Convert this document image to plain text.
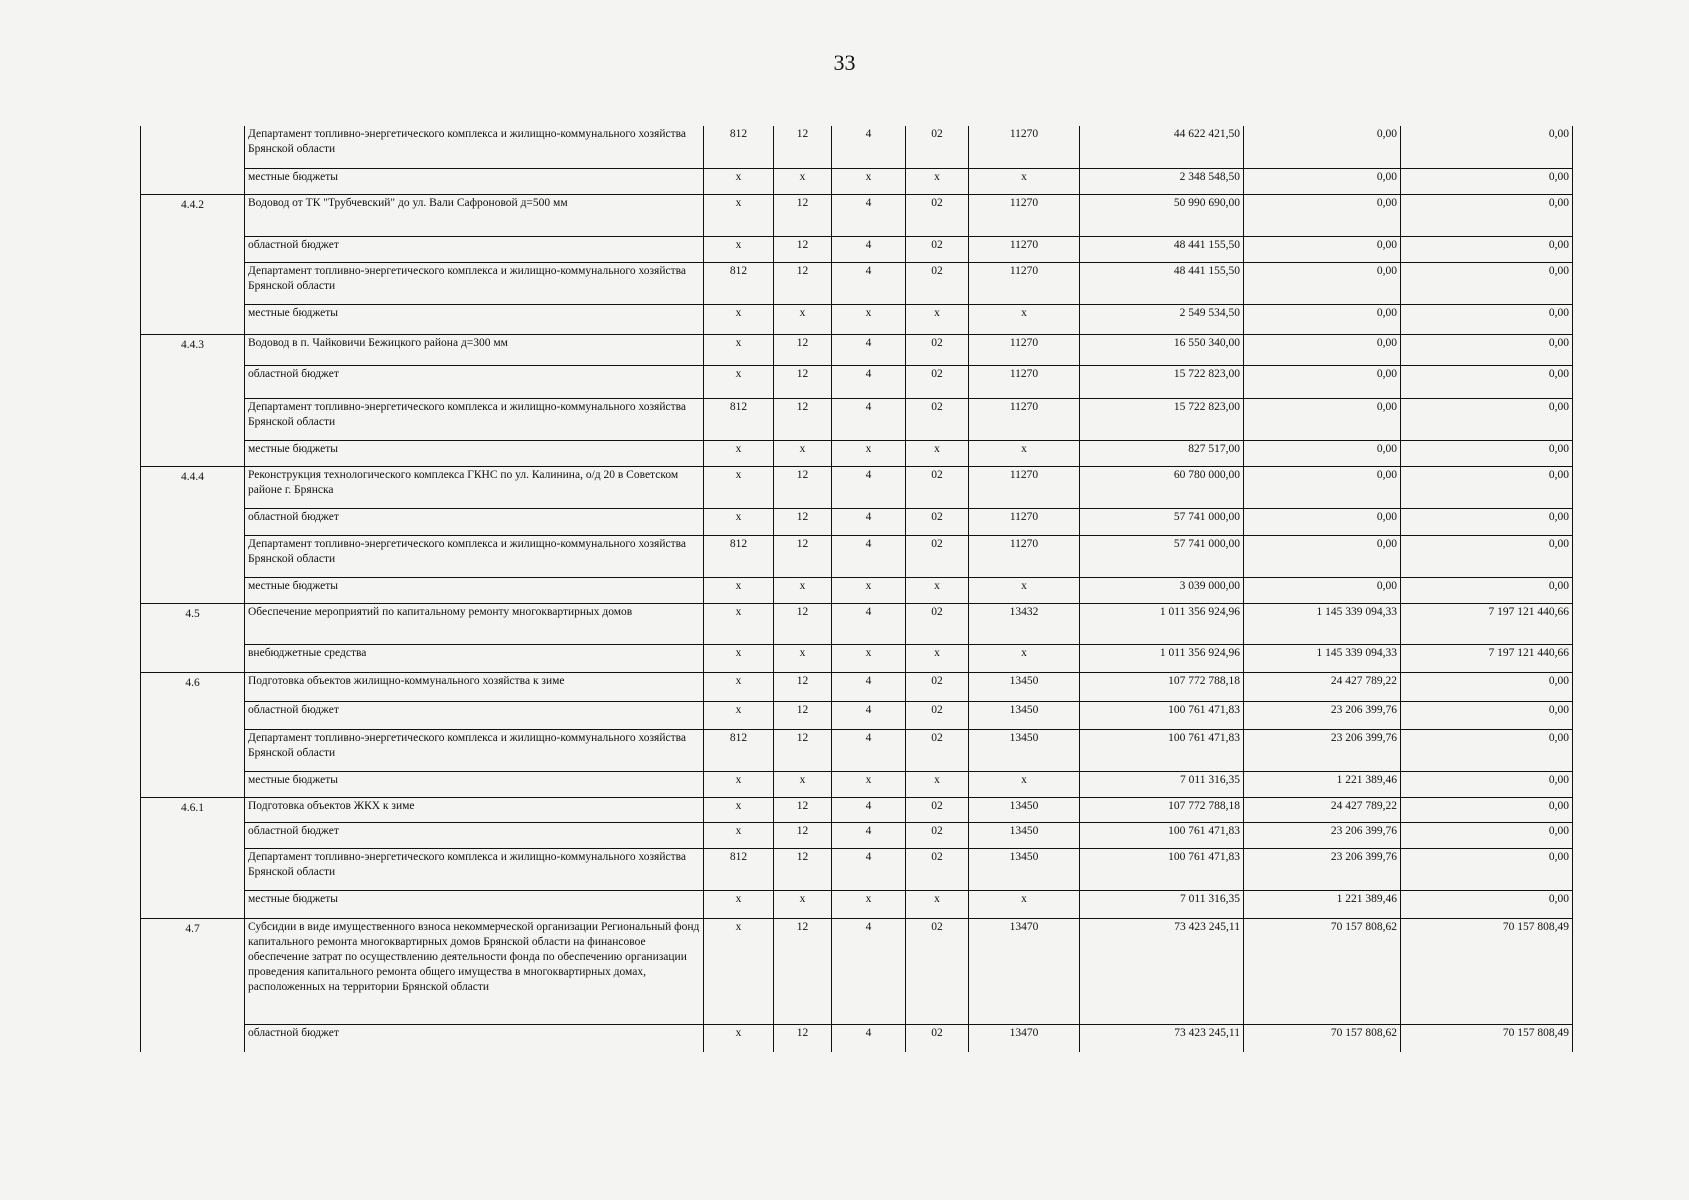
33
	Департамент топливно-энергетического комплекса и жилищно-коммунального хозяйства Брянской области	812	12	4	02	11270	44 622 421,50	0,00	0,00
	местные бюджеты	x	x	x	x	x	2 348 548,50	0,00	0,00
4.4.2	Водовод от ТК "Трубчевский" до ул. Вали Сафроновой д=500 мм	x	12	4	02	11270	50 990 690,00	0,00	0,00
	областной бюджет	x	12	4	02	11270	48 441 155,50	0,00	0,00
	Департамент топливно-энергетического комплекса и жилищно-коммунального хозяйства Брянской области	812	12	4	02	11270	48 441 155,50	0,00	0,00
	местные бюджеты	x	x	x	x	x	2 549 534,50	0,00	0,00
4.4.3	Водовод в п. Чайковичи Бежицкого района д=300 мм	x	12	4	02	11270	16 550 340,00	0,00	0,00
	областной бюджет	x	12	4	02	11270	15 722 823,00	0,00	0,00
	Департамент топливно-энергетического комплекса и жилищно-коммунального хозяйства Брянской области	812	12	4	02	11270	15 722 823,00	0,00	0,00
	местные бюджеты	x	x	x	x	x	827 517,00	0,00	0,00
4.4.4	Реконструкция технологического комплекса ГКНС по ул. Калинина, о/д 20 в Советском районе г. Брянска	x	12	4	02	11270	60 780 000,00	0,00	0,00
	областной бюджет	x	12	4	02	11270	57 741 000,00	0,00	0,00
	Департамент топливно-энергетического комплекса и жилищно-коммунального хозяйства Брянской области	812	12	4	02	11270	57 741 000,00	0,00	0,00
	местные бюджеты	x	x	x	x	x	3 039 000,00	0,00	0,00
4.5	Обеспечение мероприятий по капитальному ремонту многоквартирных домов	x	12	4	02	13432	1 011 356 924,96	1 145 339 094,33	7 197 121 440,66
	внебюджетные средства	x	x	x	x	x	1 011 356 924,96	1 145 339 094,33	7 197 121 440,66
4.6	Подготовка объектов жилищно-коммунального хозяйства к зиме	x	12	4	02	13450	107 772 788,18	24 427 789,22	0,00
	областной бюджет	x	12	4	02	13450	100 761 471,83	23 206 399,76	0,00
	Департамент топливно-энергетического комплекса и жилищно-коммунального хозяйства Брянской области	812	12	4	02	13450	100 761 471,83	23 206 399,76	0,00
	местные бюджеты	x	x	x	x	x	7 011 316,35	1 221 389,46	0,00
4.6.1	Подготовка объектов ЖКХ к зиме	x	12	4	02	13450	107 772 788,18	24 427 789,22	0,00
	областной бюджет	x	12	4	02	13450	100 761 471,83	23 206 399,76	0,00
	Департамент топливно-энергетического комплекса и жилищно-коммунального хозяйства Брянской области	812	12	4	02	13450	100 761 471,83	23 206 399,76	0,00
	местные бюджеты	x	x	x	x	x	7 011 316,35	1 221 389,46	0,00
4.7	Субсидии в виде имущественного взноса некоммерческой организации Региональный фонд капитального ремонта многоквартирных домов Брянской области на финансовое обеспечение затрат по осуществлению деятельности фонда по обеспечению организации проведения капитального ремонта общего имущества в многоквартирных домах, расположенных на территории Брянской области	x	12	4	02	13470	73 423 245,11	70 157 808,62	70 157 808,49
	областной бюджет	x	12	4	02	13470	73 423 245,11	70 157 808,62	70 157 808,49
